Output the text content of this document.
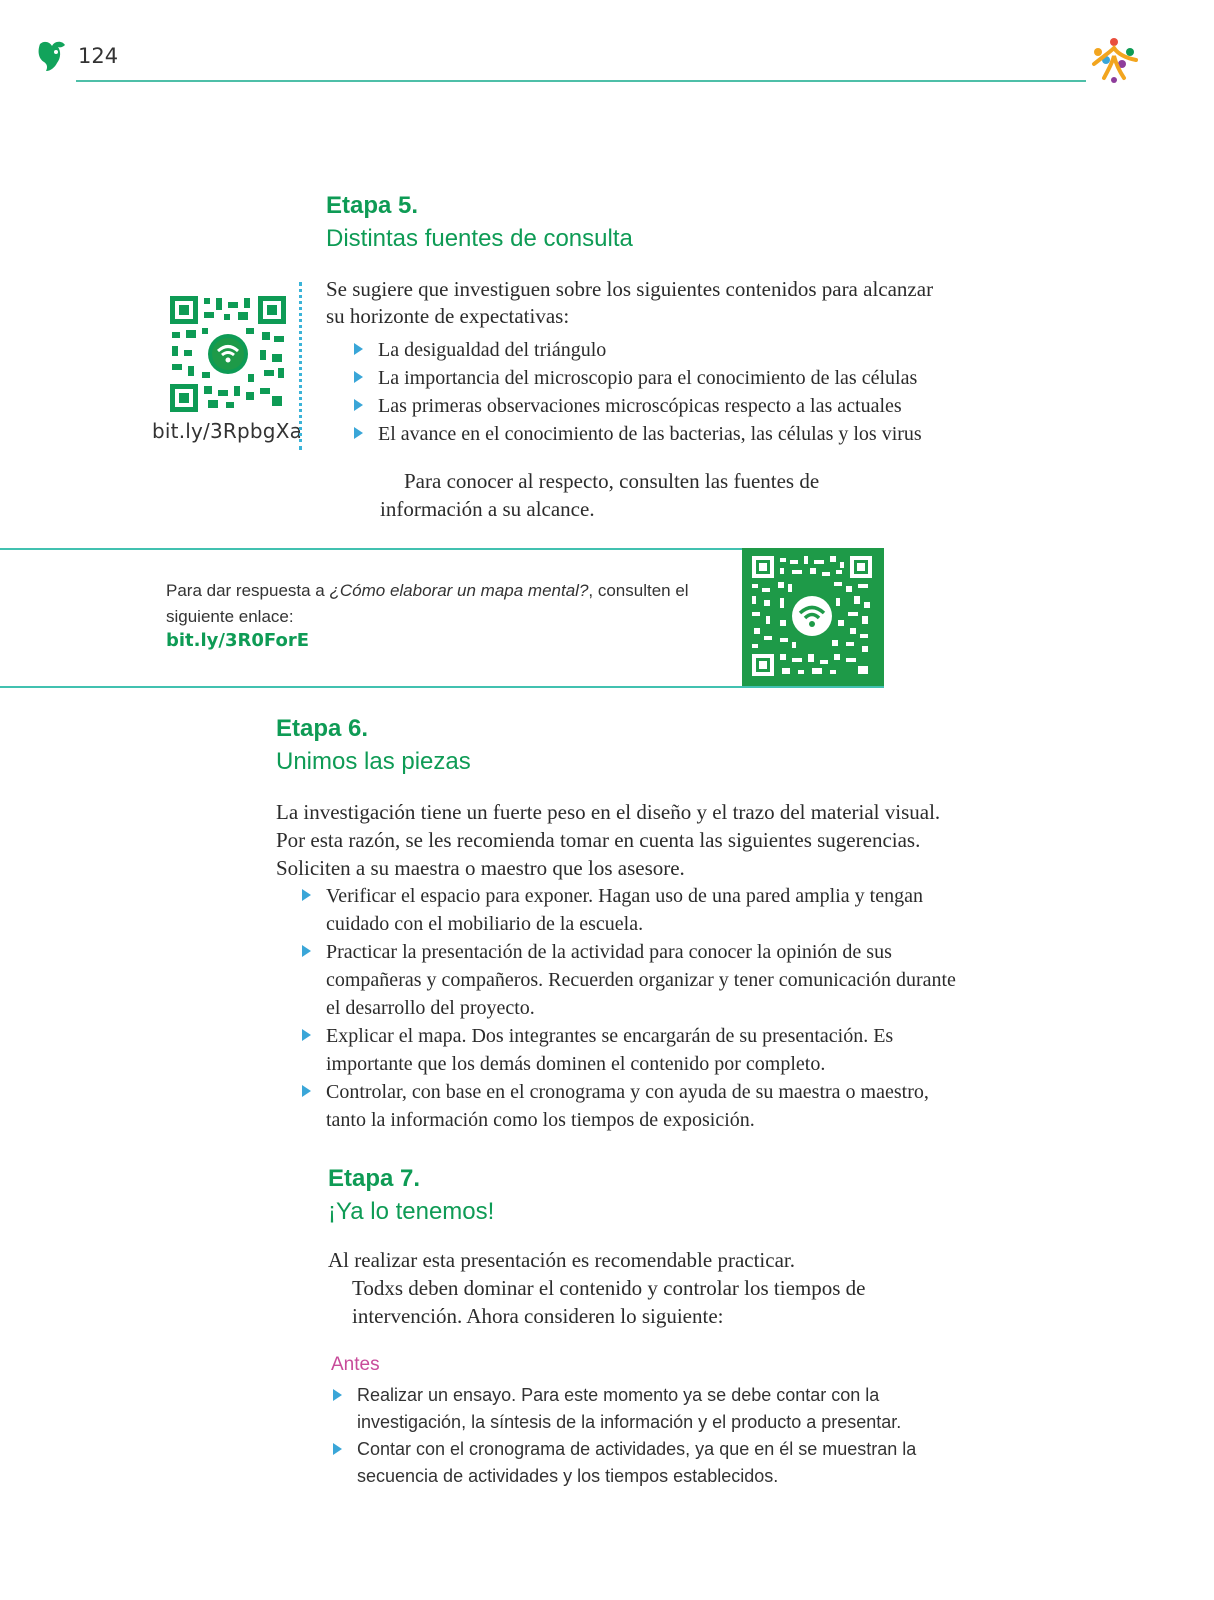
124
Etapa 5.
Distintas fuentes de consulta
bit.ly/3RpbgXa
Se sugiere que investiguen sobre los siguientes contenidos para alcanzar su horizonte de expectativas:
La desigualdad del triángulo
La importancia del microscopio para el conocimiento de las células
Las primeras observaciones microscópicas respecto a las actuales
El avance en el conocimiento de las bacterias, las células y los virus
Para conocer al respecto, consulten las fuentes de información a su alcance.
Para dar respuesta a ¿Cómo elaborar un mapa mental?, consulten el siguiente enlace:
bit.ly/3R0ForE
Etapa 6.
Unimos las piezas
La investigación tiene un fuerte peso en el diseño y el trazo del material visual. Por esta razón, se les recomienda tomar en cuenta las siguientes sugerencias. Soliciten a su maestra o maestro que los asesore.
Verificar el espacio para exponer. Hagan uso de una pared amplia y tengan cuidado con el mobiliario de la escuela.
Practicar la presentación de la actividad para conocer la opinión de sus compañeras y compañeros. Recuerden organizar y tener comunicación durante el desarrollo del proyecto.
Explicar el mapa. Dos integrantes se encargarán de su presentación. Es importante que los demás dominen el contenido por completo.
Controlar, con base en el cronograma y con ayuda de su maestra o maestro, tanto la información como los tiempos de exposición.
Etapa 7.
¡Ya lo tenemos!
Al realizar esta presentación es recomendable practicar.
Todxs deben dominar el contenido y controlar los tiempos de intervención. Ahora consideren lo siguiente:
Antes
Realizar un ensayo. Para este momento ya se debe contar con la investigación, la síntesis de la información y el producto a presentar.
Contar con el cronograma de actividades, ya que en él se muestran la secuencia de actividades y los tiempos establecidos.
